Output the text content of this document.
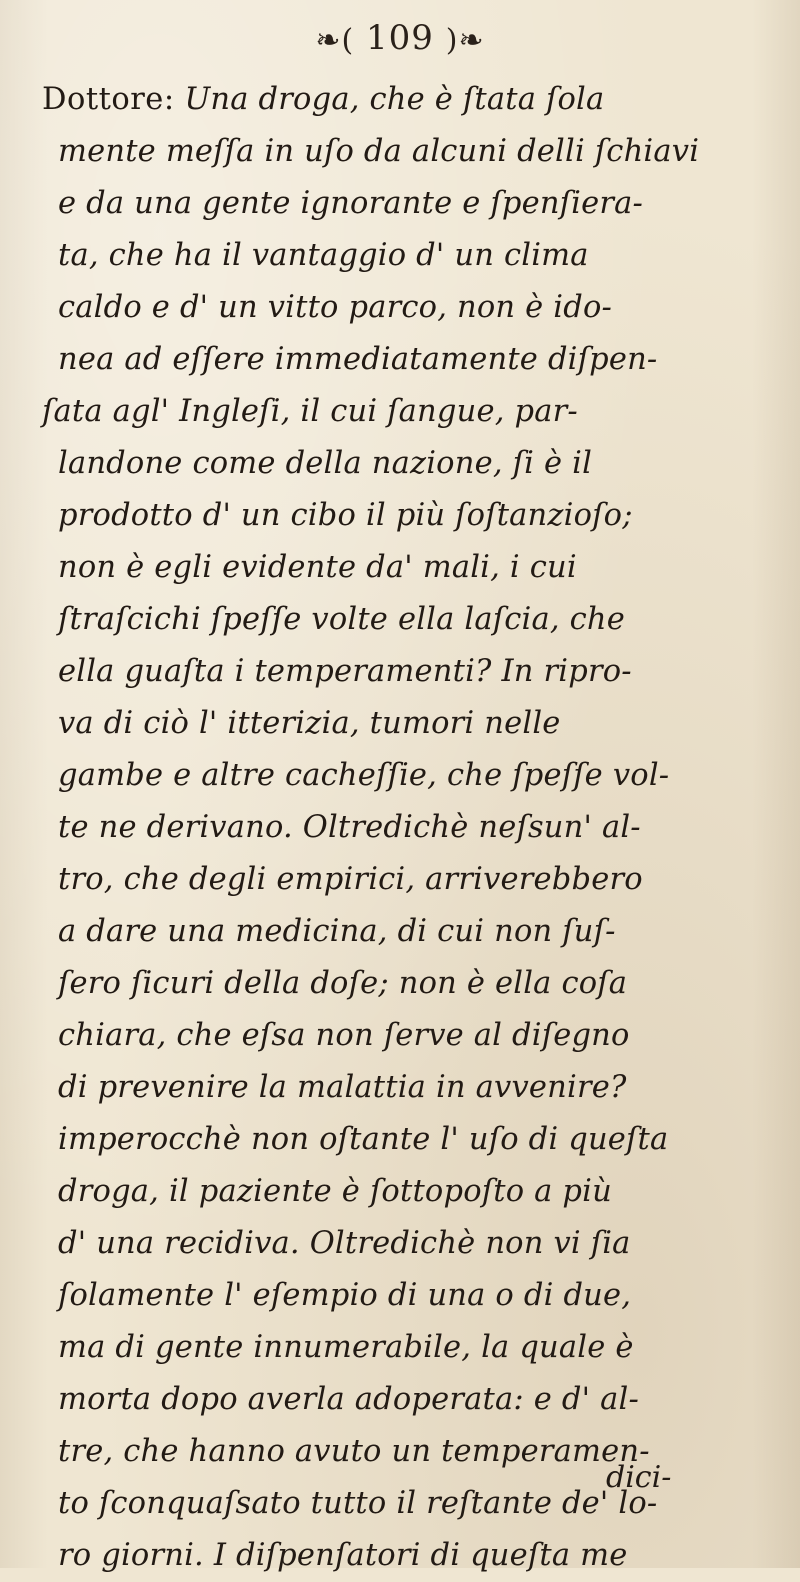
❧( 109 )❧
Dottore: Una droga, che è ſtata ſola
mente meſſa in uſo da alcuni delli ſchiavi
e da una gente ignorante e ſpenſiera-
ta, che ha il vantaggio d' un clima
caldo e d' un vitto parco, non è ido-
nea ad eſſere immediatamente diſpen-
ſata agl' Ingleſi, il cui ſangue, par-
landone come della nazione, ſi è il
prodotto d' un cibo il più ſoſtanzioſo;
non è egli evidente da' mali, i cui
ſtraſcichi ſpeſſe volte ella laſcia, che
ella guaſta i temperamenti? In ripro-
va di ciò l' itterizia, tumori nelle
gambe e altre cacheſſie, che ſpeſſe vol-
te ne derivano. Oltredichè neſsun' al-
tro, che degli empirici, arriverebbero
a dare una medicina, di cui non ſuſ-
ſero ſicuri della doſe; non è ella coſa
chiara, che eſsa non ſerve al diſegno
di prevenire la malattia in avvenire?
imperocchè non oſtante l' uſo di queſta
droga, il paziente è ſottopoſto a più
d' una recidiva. Oltredichè non vi ſia
ſolamente l' eſempio di una o di due,
ma di gente innumerabile, la quale è
morta dopo averla adoperata: e d' al-
tre, che hanno avuto un temperamen-
to ſconquaſsato tutto il reſtante de' lo-
ro giorni. I diſpenſatori di queſta me
dici-
